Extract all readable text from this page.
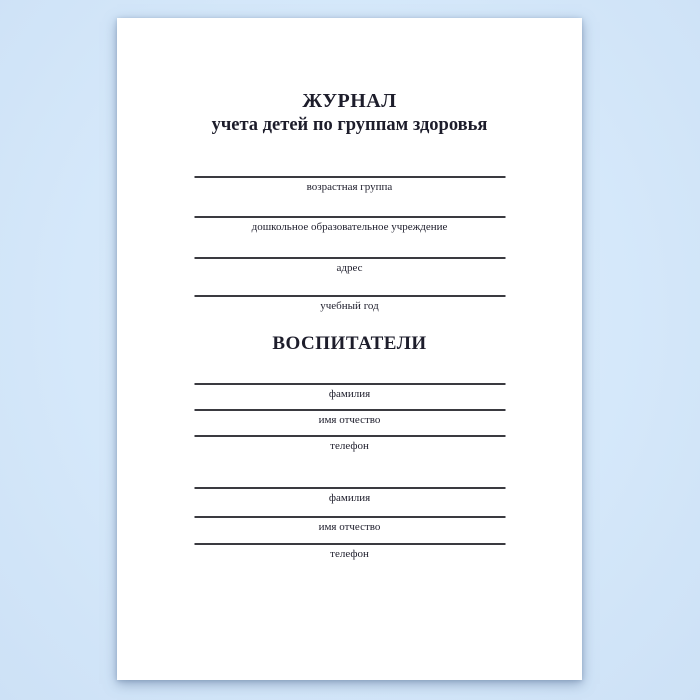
ЖУРНАЛ
учета детей по группам здоровья
возрастная группа
дошкольное образовательное учреждение
адрес
учебный год
ВОСПИТАТЕЛИ
фамилия
имя отчество
телефон
фамилия
имя отчество
телефон
